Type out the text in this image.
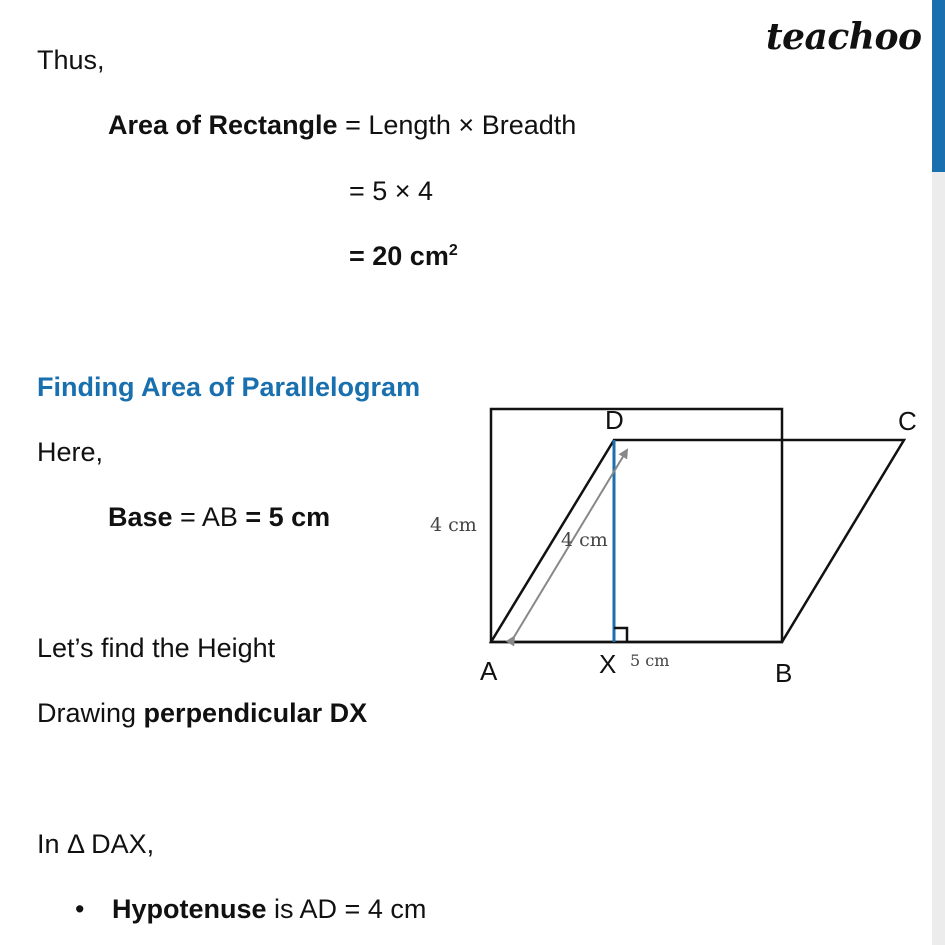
teachoo
Thus,
Area of Rectangle = Length × Breadth
= 5 × 4
= 20 $cm^2$
Finding Area of Parallelogram
Here,
Base = AB = 5 cm
Let’s find the Height
Drawing perpendicular DX
In Δ DAX,
• Hypotenuse is AD = 4 cm
D	C
A	X	B
4 cm
4 cm
5 cm
